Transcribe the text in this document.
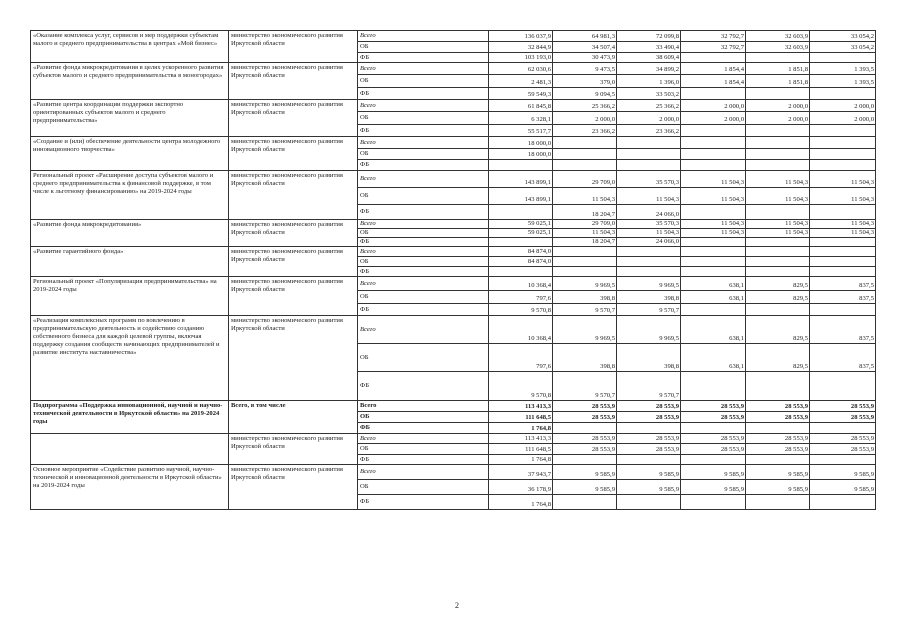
«Оказание комплекса услуг, сервисов и мер поддержки субъектам малого и среднего предпринимательства в центрах «Мой бизнес»	министерство экономического развития Иркутской области	Всего	136 037,9	64 981,3	72 099,8	32 792,7	32 603,9	33 054,2
		ОБ	32 844,9	34 507,4	33 490,4	32 792,7	32 603,9	33 054,2
		ФБ	103 193,0	30 473,9	38 609,4			
«Развитие фонда микрокредитования в целях ускоренного развития субъектов малого и среднего предпринимательства в моногородах»	министерство экономического развития Иркутской области	Всего	62 030,6	9 473,5	34 899,2	1 854,4	1 851,8	1 393,5
		ОБ	2 481,3	379,0	1 396,0	1 854,4	1 851,8	1 393,5
		ФБ	59 549,3	9 094,5	33 503,2			
«Развитие центра координации поддержки экспортно ориентированных субъектов малого и среднего предпринимательства»	министерство экономического развития Иркутской области	Всего	61 845,8	25 366,2	25 366,2	2 000,0	2 000,0	2 000,0
		ОБ	6 328,1	2 000,0	2 000,0	2 000,0	2 000,0	2 000,0
		ФБ	55 517,7	23 366,2	23 366,2			
«Создание и (или) обеспечение деятельности центра молодежного инновационного творчества»	министерство экономического развития Иркутской области	Всего	18 000,0					
		ОБ	18 000,0					
		ФБ						
Региональный проект «Расширение доступа субъектов малого и среднего предпринимательства к финансовой поддержке, в том числе к льготному финансированию» на 2019-2024 годы	министерство экономического развития Иркутской области	Всего	143 899,1	29 709,0	35 570,3	11 504,3	11 504,3	11 504,3
		ОБ	143 899,1	11 504,3	11 504,3	11 504,3	11 504,3	11 504,3
		ФБ		18 204,7	24 066,0			
«Развитие фонда микрокредитования»	министерство экономического развития Иркутской области	Всего	59 025,1	29 709,0	35 570,3	11 504,3	11 504,3	11 504,3
		ОБ	59 025,1	11 504,3	11 504,3	11 504,3	11 504,3	11 504,3
		ФБ		18 204,7	24 066,0			
«Развитие гарантийного фонда»	министерство экономического развития Иркутской области	Всего	84 874,0					
		ОБ	84 874,0					
		ФБ						
Региональный проект «Популяризация предпринимательства» на 2019-2024 годы	министерство экономического развития Иркутской области	Всего	10 368,4	9 969,5	9 969,5	638,1	829,5	837,5
		ОБ	797,6	398,8	398,8	638,1	829,5	837,5
		ФБ	9 570,8	9 570,7	9 570,7			
«Реализация комплексных программ по вовлечению в предпринимательскую деятельность и содействию созданию собственного бизнеса для каждой целевой группы, включая поддержку создания сообществ начинающих предпринимателей и развитие института наставничества»	министерство экономического развития Иркутской области	Всего	10 368,4	9 969,5	9 969,5	638,1	829,5	837,5
		ОБ	797,6	398,8	398,8	638,1	829,5	837,5
		ФБ	9 570,8	9 570,7	9 570,7			
Подпрограмма «Поддержка инновационной, научной и научно-технической деятельности в Иркутской области» на 2019-2024 годы	Всего, в том числе	Всего	113 413,3	28 553,9	28 553,9	28 553,9	28 553,9	28 553,9
		ОБ	111 648,5	28 553,9	28 553,9	28 553,9	28 553,9	28 553,9
		ФБ	1 764,8					
	министерство экономического развития Иркутской области	Всего	113 413,3	28 553,9	28 553,9	28 553,9	28 553,9	28 553,9
		ОБ	111 648,5	28 553,9	28 553,9	28 553,9	28 553,9	28 553,9
		ФБ	1 764,8					
Основное мероприятие «Содействие развитию научной, научно-технической и инновационной деятельности в Иркутской области» на 2019-2024 годы	министерство экономического развития Иркутской области	Всего	37 943,7	9 585,9	9 585,9	9 585,9	9 585,9	9 585,9
		ОБ	36 178,9	9 585,9	9 585,9	9 585,9	9 585,9	9 585,9
		ФБ	1 764,8					
2
